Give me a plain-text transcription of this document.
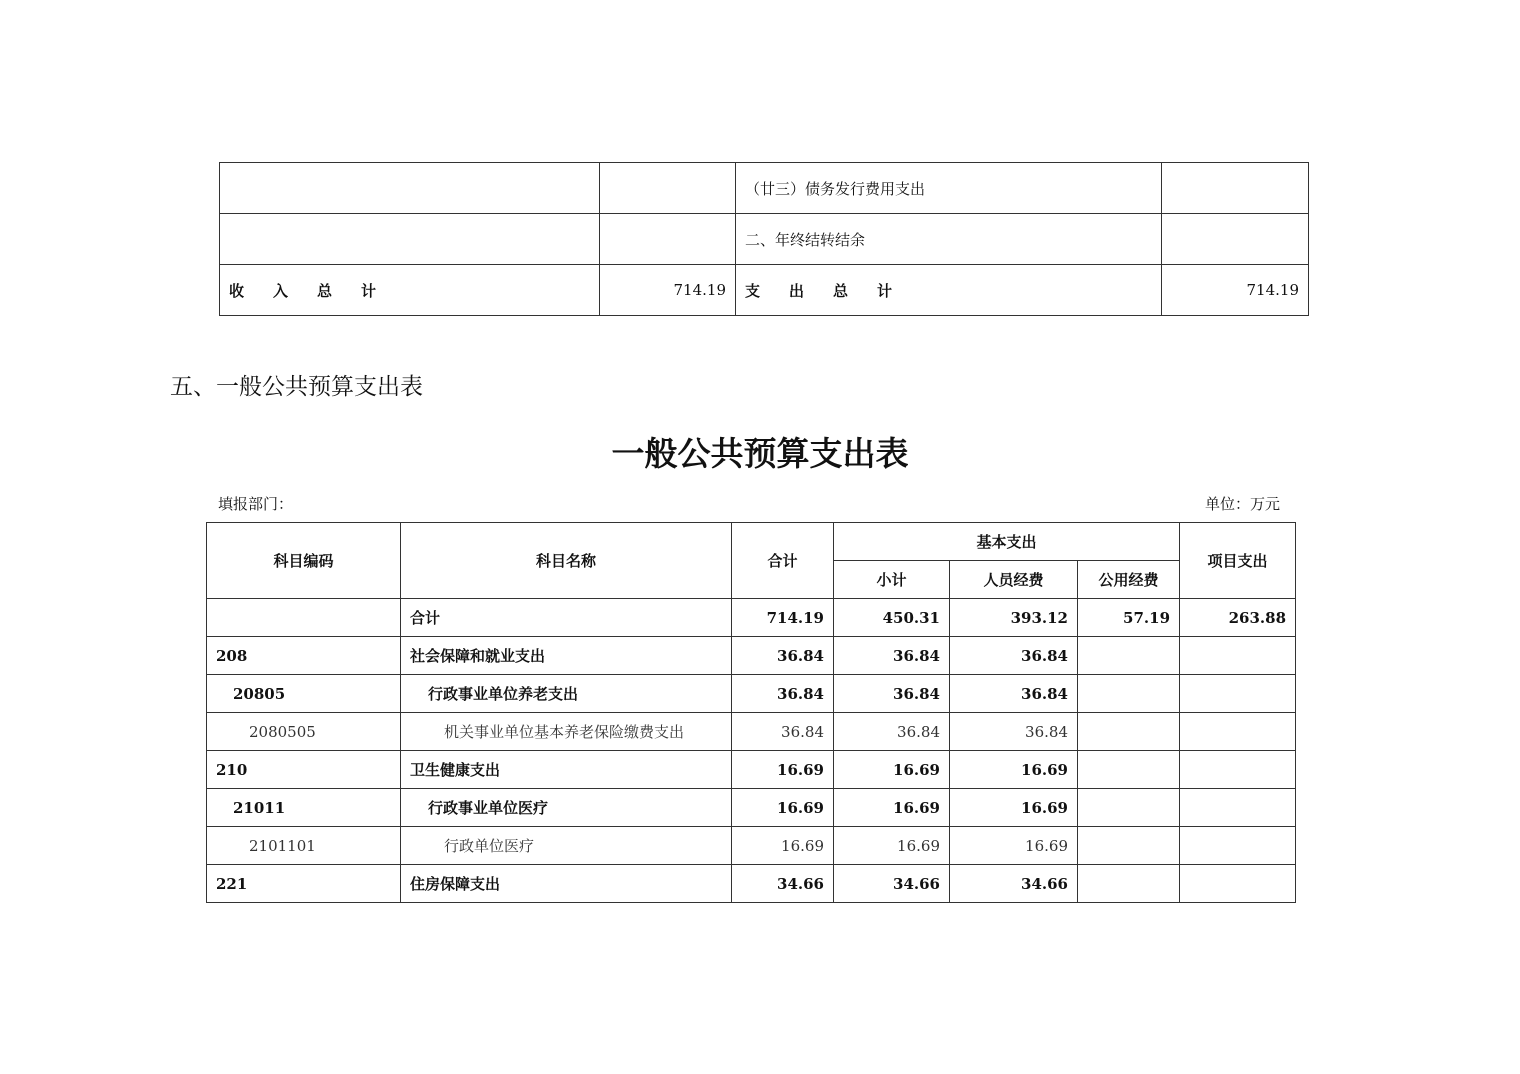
		（廿三）债务发行费用支出	
		二、年终结转结余	
收 入 总 计	714.19	支 出 总 计	714.19
五、一般公共预算支出表
一般公共预算支出表
填报部门：	单位：万元
科目编码	科目名称	合计	基本支出			项目支出
			小计	人员经费	公用经费	
	合计	714.19	450.31	393.12	57.19	263.88
208	社会保障和就业支出	36.84	36.84	36.84		
20805	行政事业单位养老支出	36.84	36.84	36.84		
2080505	机关事业单位基本养老保险缴费支出	36.84	36.84	36.84		
210	卫生健康支出	16.69	16.69	16.69		
21011	行政事业单位医疗	16.69	16.69	16.69		
2101101	行政单位医疗	16.69	16.69	16.69		
221	住房保障支出	34.66	34.66	34.66		
